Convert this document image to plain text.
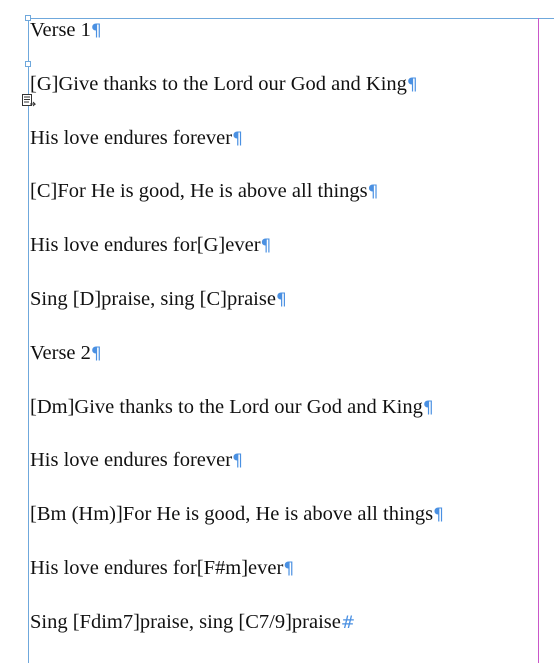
Verse 1¶
[G]Give thanks to the Lord our God and King¶
His love endures forever¶
[C]For He is good, He is above all things¶
His love endures for[G]ever¶
Sing [D]praise, sing [C]praise¶
Verse 2¶
[Dm]Give thanks to the Lord our God and King¶
His love endures forever¶
[Bm (Hm)]For He is good, He is above all things¶
His love endures for[F#m]ever¶
Sing [Fdim7]praise, sing [C7/9]praise#
